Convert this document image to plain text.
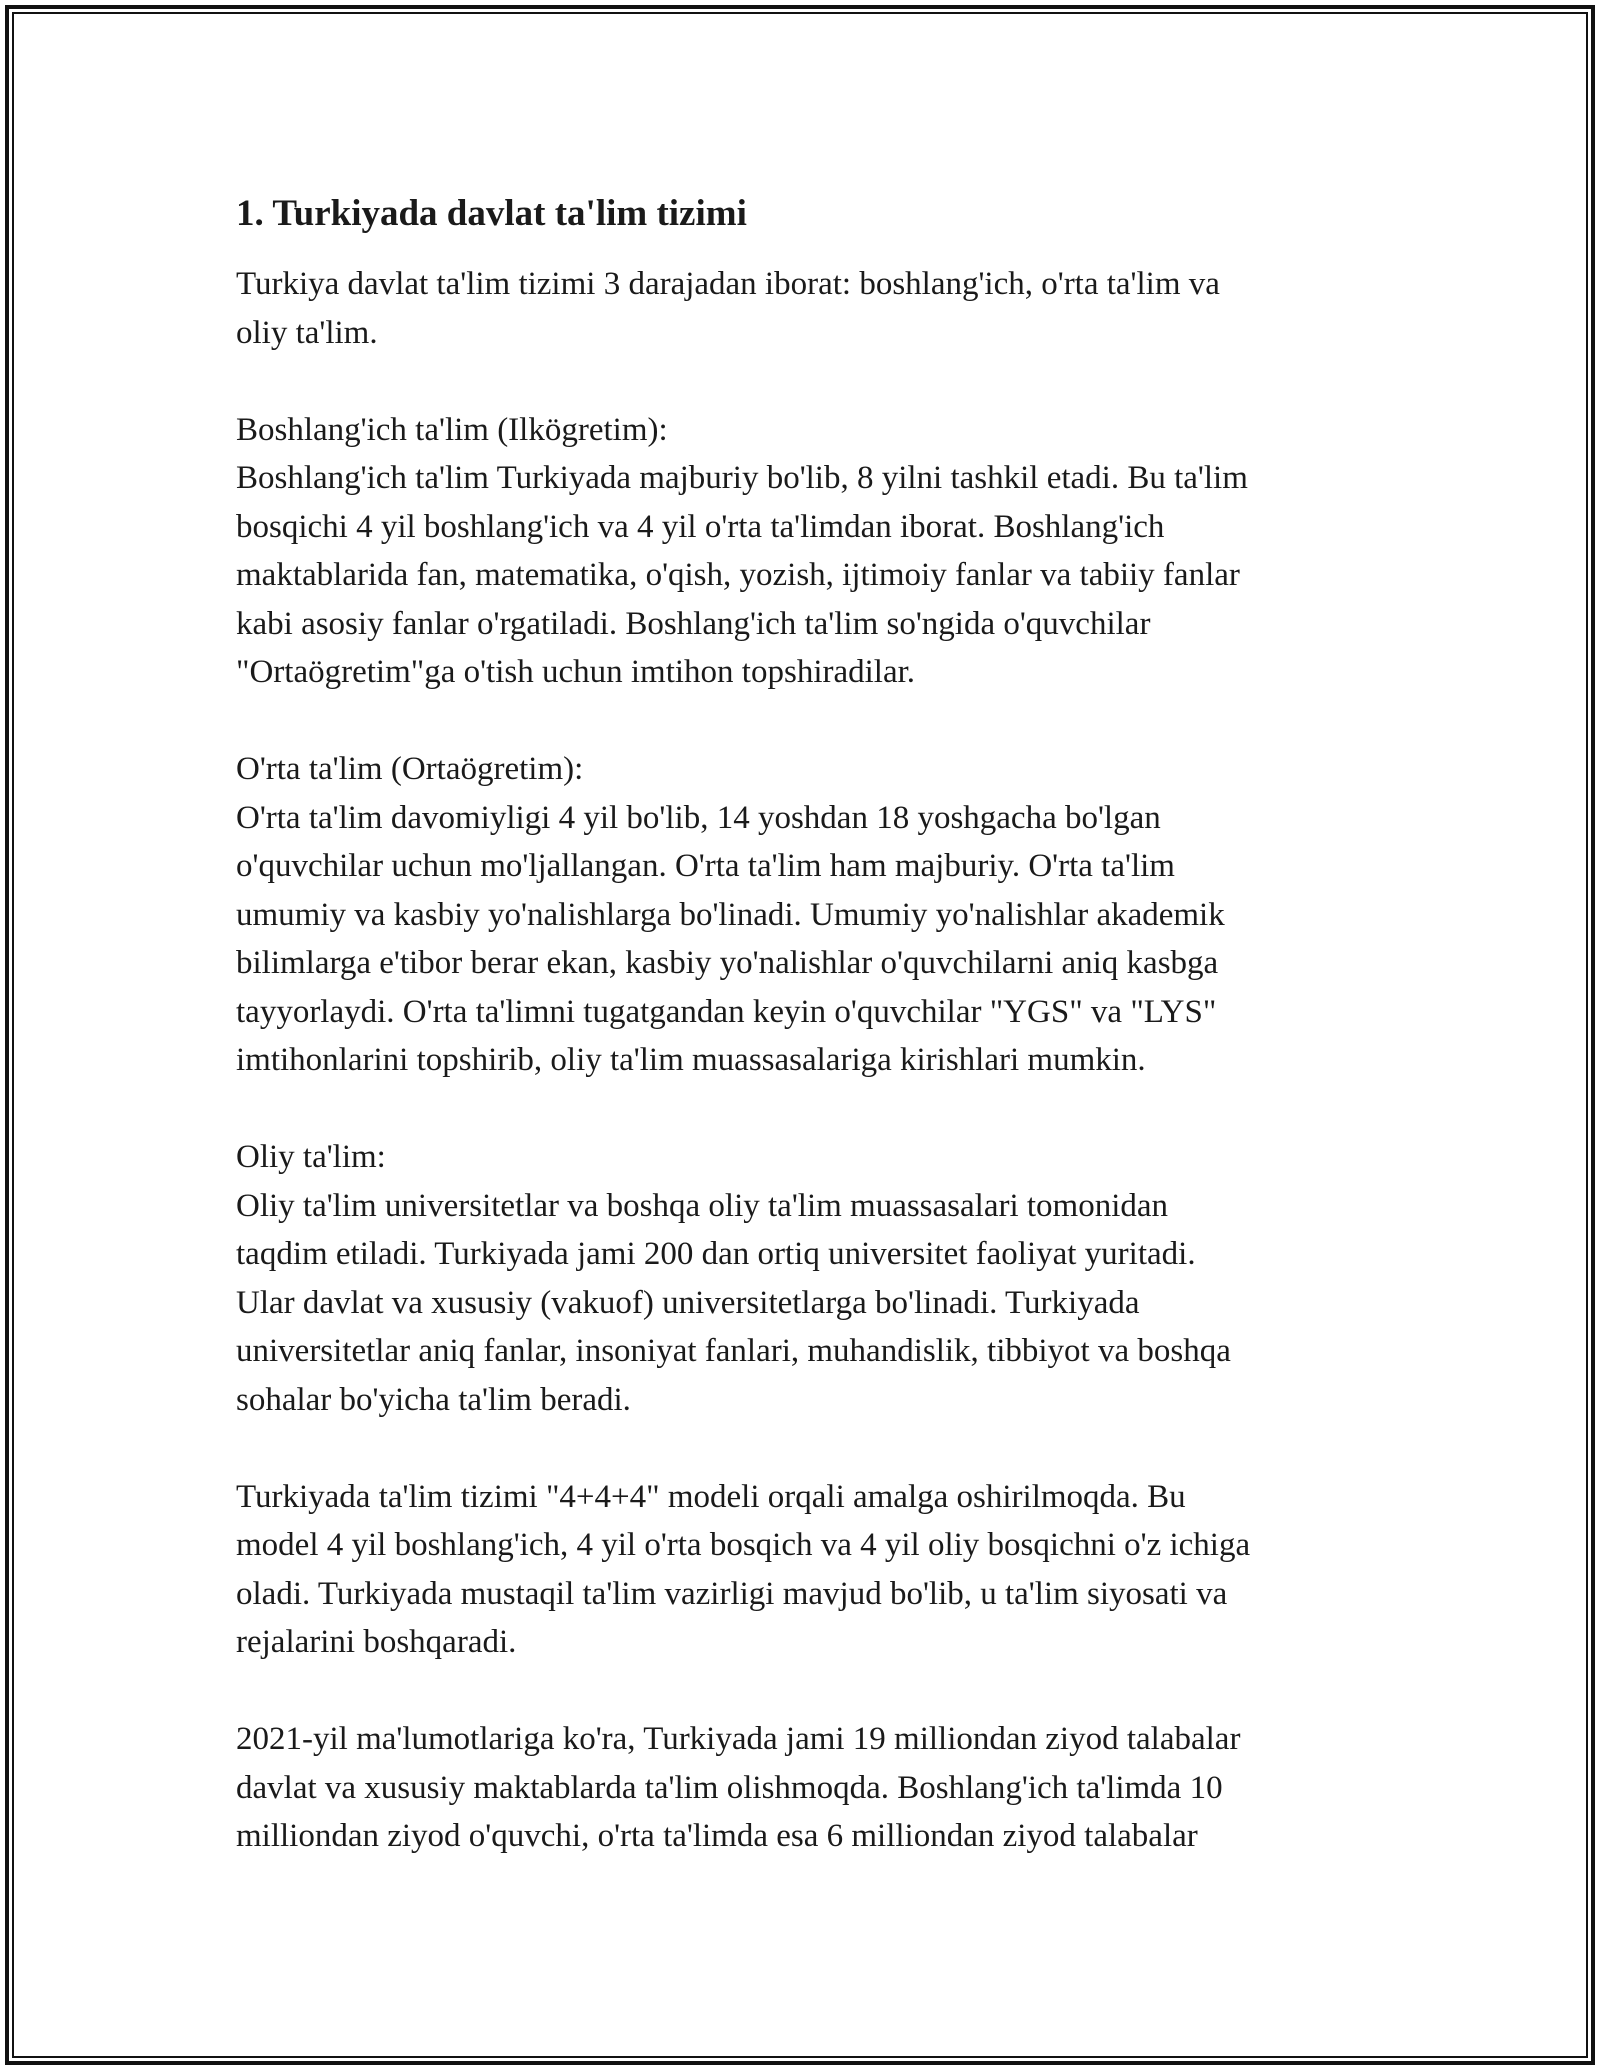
1. Turkiyada davlat ta'lim tizimi
Turkiya davlat ta'lim tizimi 3 darajadan iborat: boshlang'ich, o'rta ta'lim va
oliy ta'lim.
Boshlang'ich ta'lim (Ilkögretim):
Boshlang'ich ta'lim Turkiyada majburiy bo'lib, 8 yilni tashkil etadi. Bu ta'lim
bosqichi 4 yil boshlang'ich va 4 yil o'rta ta'limdan iborat. Boshlang'ich
maktablarida fan, matematika, o'qish, yozish, ijtimoiy fanlar va tabiiy fanlar
kabi asosiy fanlar o'rgatiladi. Boshlang'ich ta'lim so'ngida o'quvchilar
"Ortaögretim"ga o'tish uchun imtihon topshiradilar.
O'rta ta'lim (Ortaögretim):
O'rta ta'lim davomiyligi 4 yil bo'lib, 14 yoshdan 18 yoshgacha bo'lgan
o'quvchilar uchun mo'ljallangan. O'rta ta'lim ham majburiy. O'rta ta'lim
umumiy va kasbiy yo'nalishlarga bo'linadi. Umumiy yo'nalishlar akademik
bilimlarga e'tibor berar ekan, kasbiy yo'nalishlar o'quvchilarni aniq kasbga
tayyorlaydi. O'rta ta'limni tugatgandan keyin o'quvchilar "YGS" va "LYS"
imtihonlarini topshirib, oliy ta'lim muassasalariga kirishlari mumkin.
Oliy ta'lim:
Oliy ta'lim universitetlar va boshqa oliy ta'lim muassasalari tomonidan
taqdim etiladi. Turkiyada jami 200 dan ortiq universitet faoliyat yuritadi.
Ular davlat va xususiy (vakuof) universitetlarga bo'linadi. Turkiyada
universitetlar aniq fanlar, insoniyat fanlari, muhandislik, tibbiyot va boshqa
sohalar bo'yicha ta'lim beradi.
Turkiyada ta'lim tizimi "4+4+4" modeli orqali amalga oshirilmoqda. Bu
model 4 yil boshlang'ich, 4 yil o'rta bosqich va 4 yil oliy bosqichni o'z ichiga
oladi. Turkiyada mustaqil ta'lim vazirligi mavjud bo'lib, u ta'lim siyosati va
rejalarini boshqaradi.
2021-yil ma'lumotlariga ko'ra, Turkiyada jami 19 milliondan ziyod talabalar
davlat va xususiy maktablarda ta'lim olishmoqda. Boshlang'ich ta'limda 10
milliondan ziyod o'quvchi, o'rta ta'limda esa 6 milliondan ziyod talabalar
